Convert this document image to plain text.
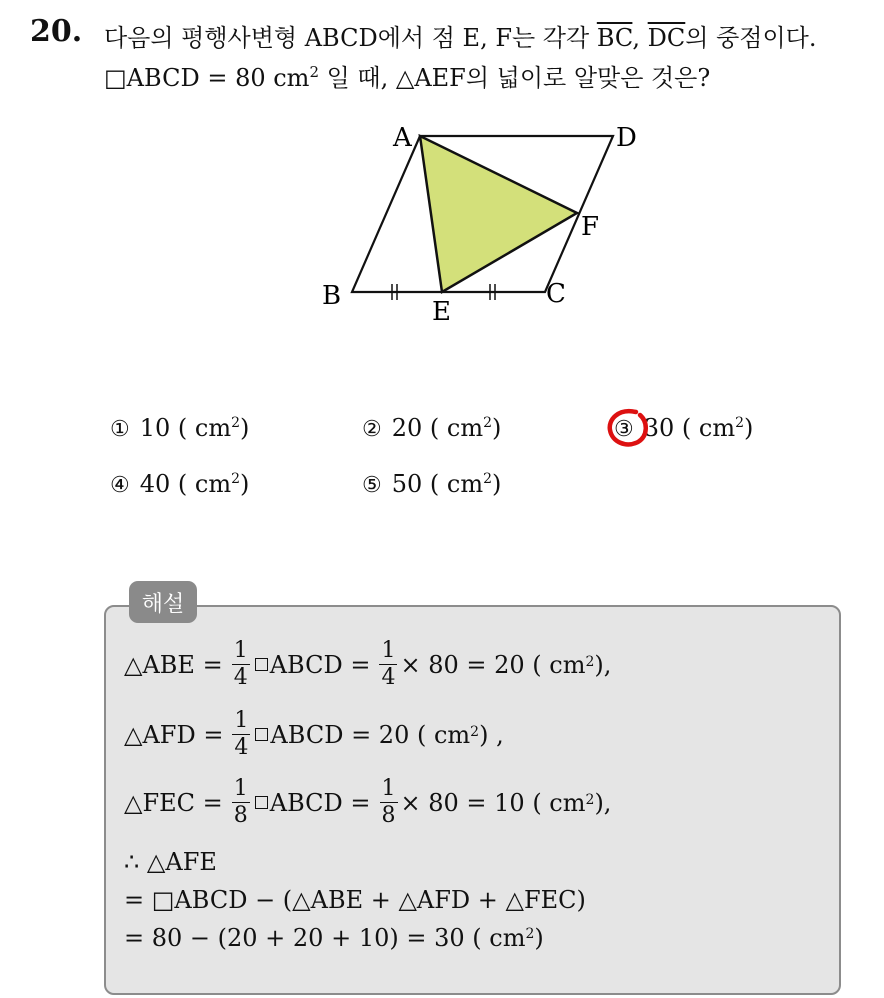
20. 다음의 평행사변형 ABCD에서 점 E, F는 각각 $\overline{BC}$, $\overline{DC}$의 중점이다.
□ABCD = 80 $cm^2$ 일 때, △AEF의 넓이로 알맞은 것은?
A	D
F
B	C
E
① 10 ( $cm^2$)	② 20 ( $cm^2$)	③ 30 ( $cm^2$)
④ 40 ( $cm^2$)	⑤ 50 ( $cm^2$)
해설
△ABE = $\frac{1}{4}$ ABCD = $\frac{1}{4} \times 80 = 20$ ( cm 2 ),
△AFD = $\frac{1}{4}$ ABCD = 20 ( cm 2 ) ,
△FEC = $\frac{1}{8}$ ABCD = $\frac{1}{8} \times 80 = 10$ ( cm 2 ),
∴ △AFE
= □ABCD − (△ABE + △AFD + △FEC)
= 80 − (20 + 20 + 10) = 30 ( cm 2 )
